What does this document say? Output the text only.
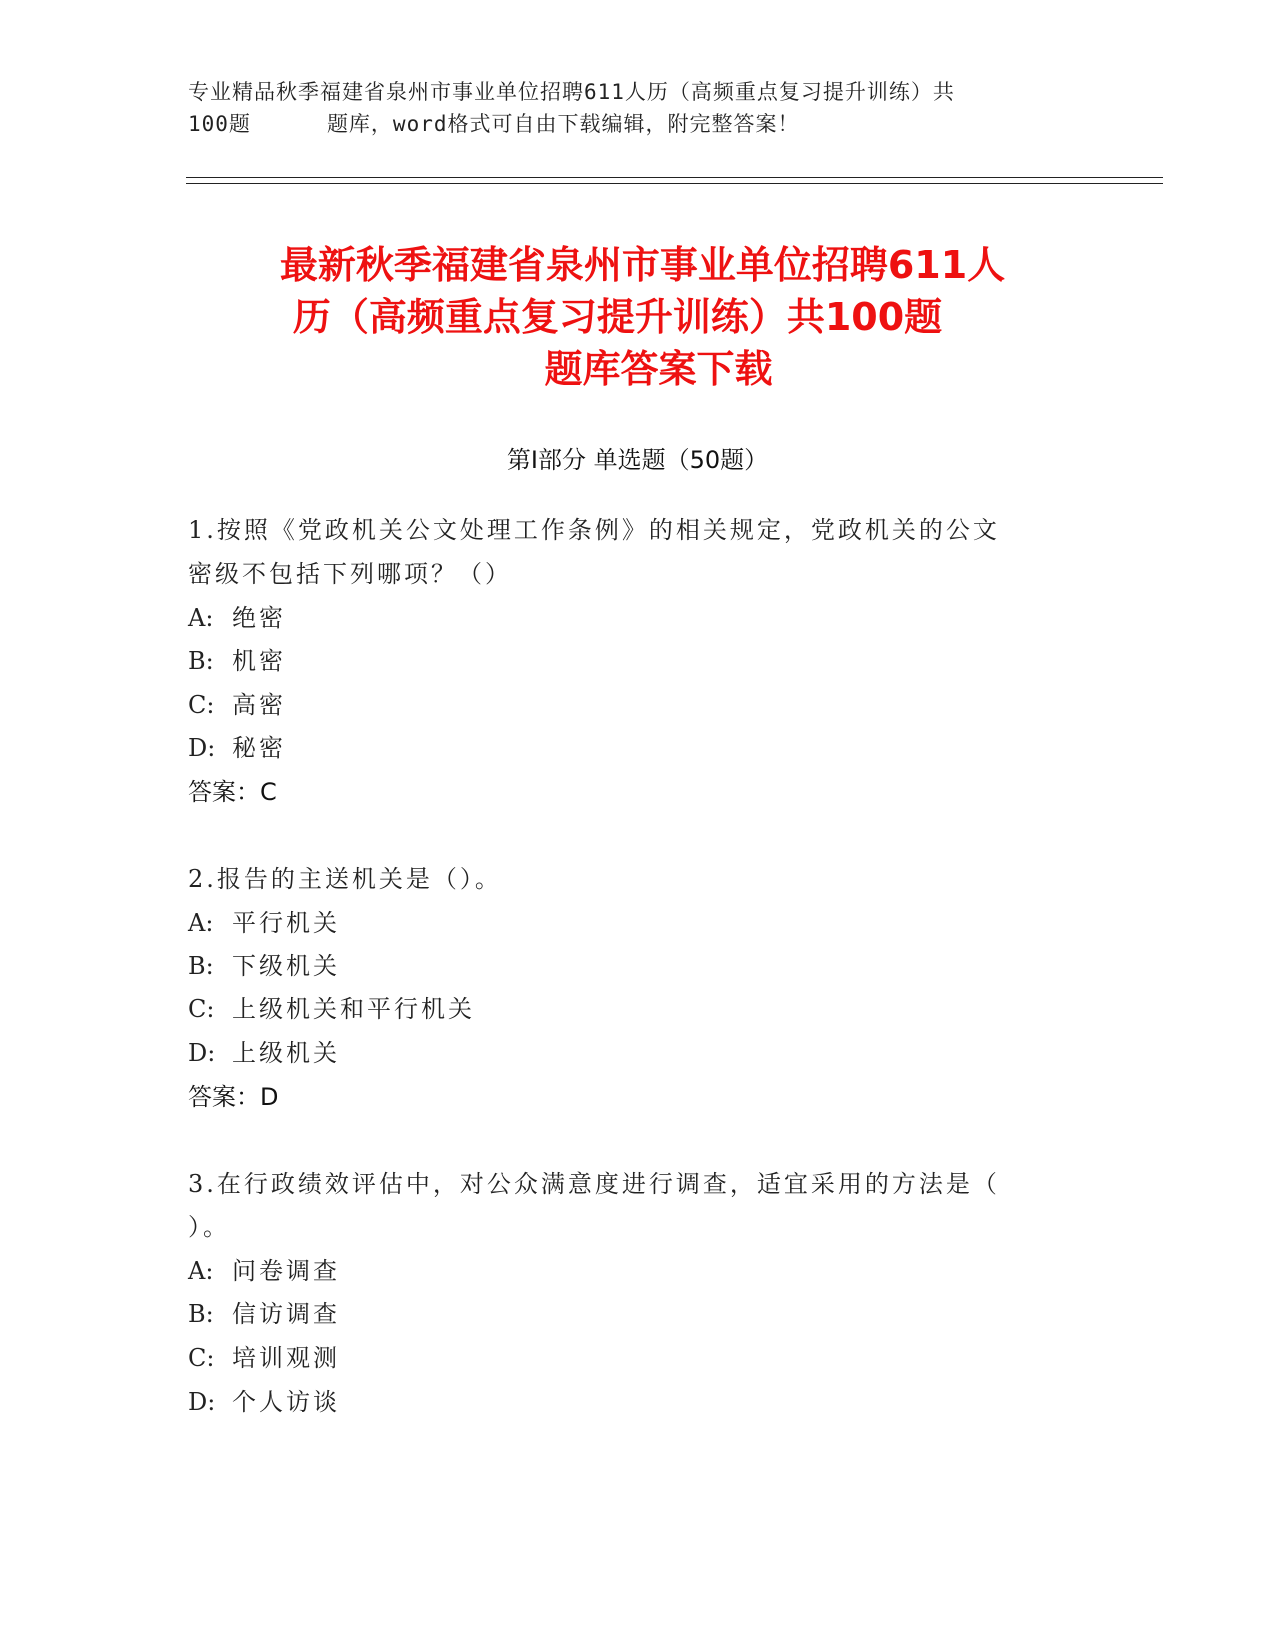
专业精品秋季福建省泉州市事业单位招聘611人历（高频重点复习提升训练）共
100题	题库，word格式可自由下载编辑，附完整答案！
最新秋季福建省泉州市事业单位招聘611人
历（高频重点复习提升训练）共100题
题库答案下载
第Ⅰ部分 单选题（50题）
1.按照《党政机关公文处理工作条例》的相关规定，党政机关的公文
密级不包括下列哪项？（）
A: 绝密
B: 机密
C: 高密
D: 秘密
答案：C
2.报告的主送机关是（）。
A: 平行机关
B: 下级机关
C: 上级机关和平行机关
D: 上级机关
答案：D
3.在行政绩效评估中，对公众满意度进行调查，适宜采用的方法是（
）。
A: 问卷调查
B: 信访调查
C: 培训观测
D: 个人访谈
